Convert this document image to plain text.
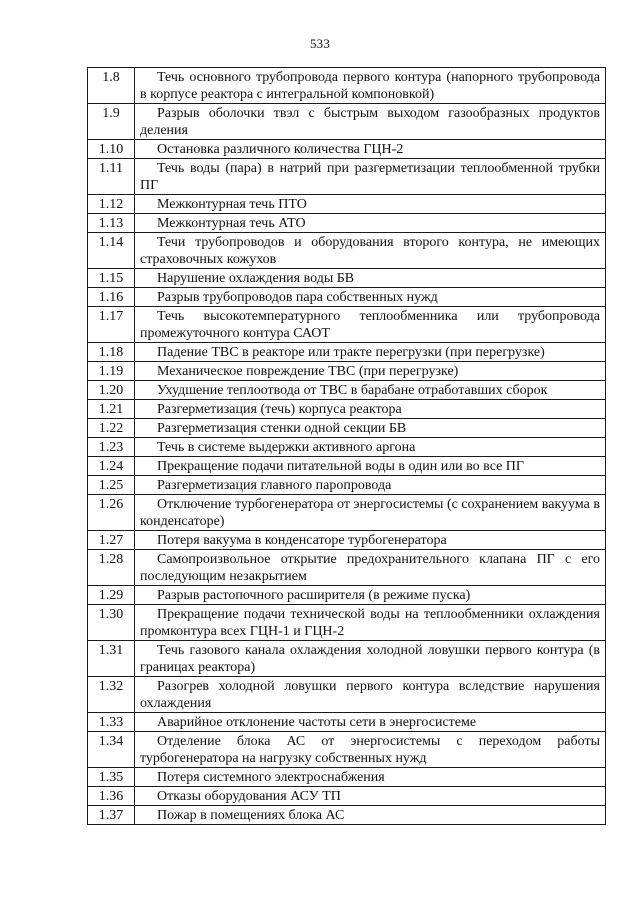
533
1.8	Течь основного трубопровода первого контура (напорного трубопровода в корпусе реактора с интегральной компоновкой)
1.9	Разрыв оболочки твэл с быстрым выходом газообразных продуктов деления
1.10	Остановка различного количества ГЦН-2
1.11	Течь воды (пара) в натрий при разгерметизации теплообменной трубки ПГ
1.12	Межконтурная течь ПТО
1.13	Межконтурная течь АТО
1.14	Течи трубопроводов и оборудования второго контура, не имеющих страховочных кожухов
1.15	Нарушение охлаждения воды БВ
1.16	Разрыв трубопроводов пара собственных нужд
1.17	Течь высокотемпературного теплообменника или трубопровода промежуточного контура САОТ
1.18	Падение ТВС в реакторе или тракте перегрузки (при перегрузке)
1.19	Механическое повреждение ТВС (при перегрузке)
1.20	Ухудшение теплоотвода от ТВС в барабане отработавших сборок
1.21	Разгерметизация (течь) корпуса реактора
1.22	Разгерметизация стенки одной секции БВ
1.23	Течь в системе выдержки активного аргона
1.24	Прекращение подачи питательной воды в один или во все ПГ
1.25	Разгерметизация главного паропровода
1.26	Отключение турбогенератора от энергосистемы (с сохранением вакуума в конденсаторе)
1.27	Потеря вакуума в конденсаторе турбогенератора
1.28	Самопроизвольное открытие предохранительного клапана ПГ с его последующим незакрытием
1.29	Разрыв растопочного расширителя (в режиме пуска)
1.30	Прекращение подачи технической воды на теплообменники охлаждения промконтура всех ГЦН-1 и ГЦН-2
1.31	Течь газового канала охлаждения холодной ловушки первого контура (в границах реактора)
1.32	Разогрев холодной ловушки первого контура вследствие нарушения охлаждения
1.33	Аварийное отклонение частоты сети в энергосистеме
1.34	Отделение блока АС от энергосистемы с переходом работы турбогенератора на нагрузку собственных нужд
1.35	Потеря системного электроснабжения
1.36	Отказы оборудования АСУ ТП
1.37	Пожар в помещениях блока АС
